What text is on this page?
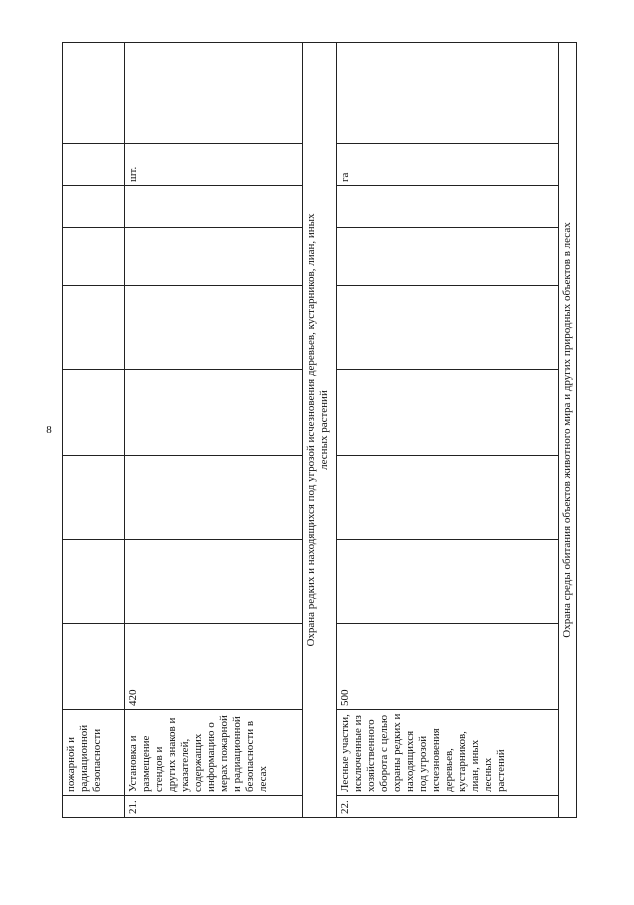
8
	пожарной и радиационной безопасности									
21.	Установка и размещение стендов и других знаков и указателей, содержащих информацию о мерах пожарной и радиационной безопасности в лесах	420							шт.	

Охрана редких и находящихся под угрозой исчезновения деревьев, кустарников, лиан, иных лесных растений										

22.	Лесные участки, исключенные из хозяйственного оборота с целью охраны редких и находящихся под угрозой исчезновения деревьев, кустарников, лиан, иных лесных растений	500							га	

Охрана среды обитания объектов животного мира и других природных объектов в лесах										
